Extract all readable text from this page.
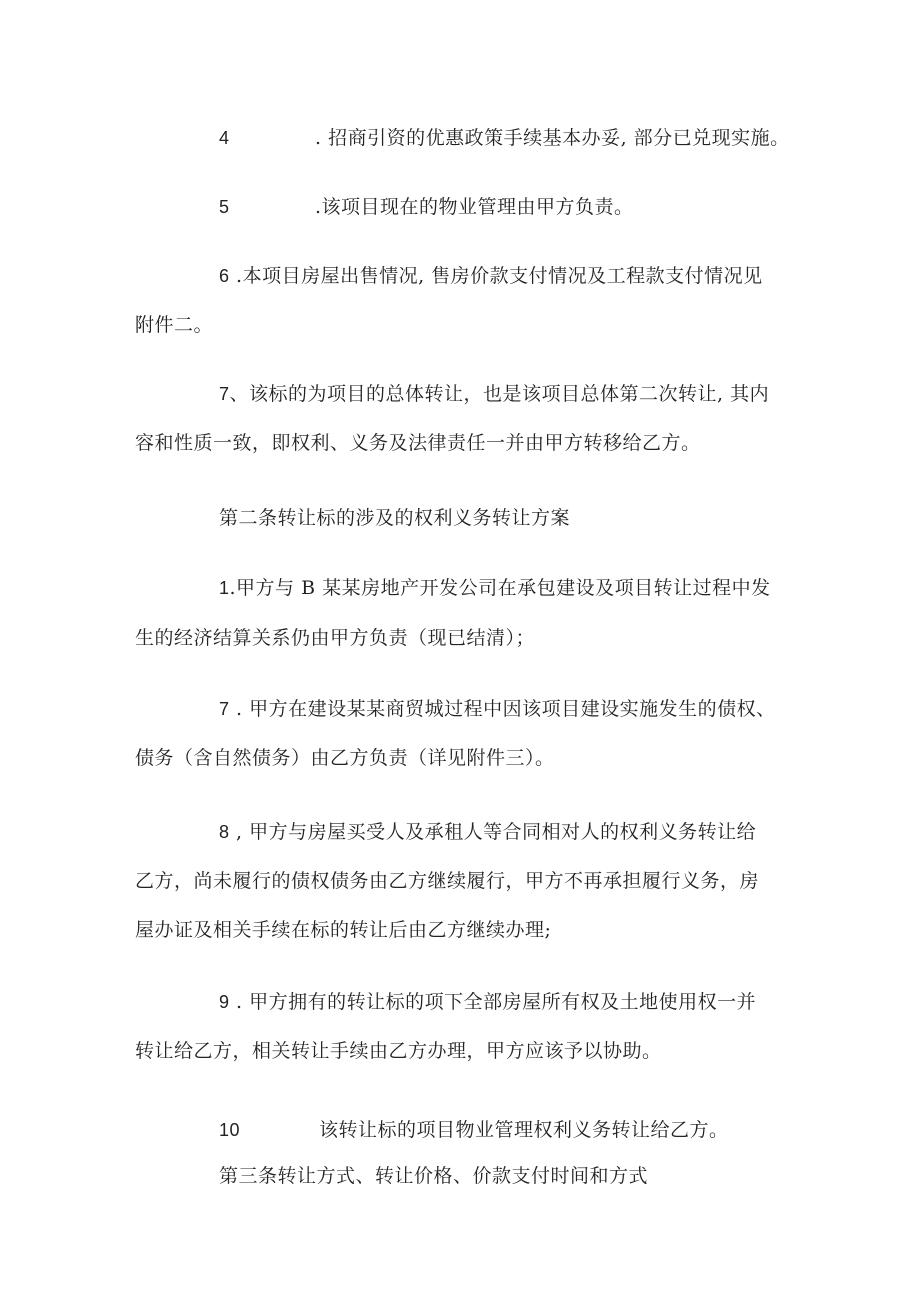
4	. 招商引资的优惠政策手续基本办妥, 部分已兑现实施。
5	.该项目现在的物业管理由甲方负责。
6 .本项目房屋出售情况, 售房价款支付情况及工程款支付情况见
附件二。
7、该标的为项目的总体转让，也是该项目总体第二次转让, 其内
容和性质一致，即权利、义务及法律责任一并由甲方转移给乙方。
第二条转让标的涉及的权利义务转让方案
1.甲方与 B 某某房地产开发公司在承包建设及项目转让过程中发
生的经济结算关系仍由甲方负责（现已结清）；
7 . 甲方在建设某某商贸城过程中因该项目建设实施发生的债权、
债务（含自然债务）由乙方负责（详见附件三）。
8 , 甲方与房屋买受人及承租人等合同相对人的权利义务转让给
乙方，尚未履行的债权债务由乙方继续履行，甲方不再承担履行义务，房
屋办证及相关手续在标的转让后由乙方继续办理;
9 . 甲方拥有的转让标的项下全部房屋所有权及土地使用权一并
转让给乙方，相关转让手续由乙方办理，甲方应该予以协助。
10	该转让标的项目物业管理权利义务转让给乙方。
第三条转让方式、转让价格、价款支付时间和方式
